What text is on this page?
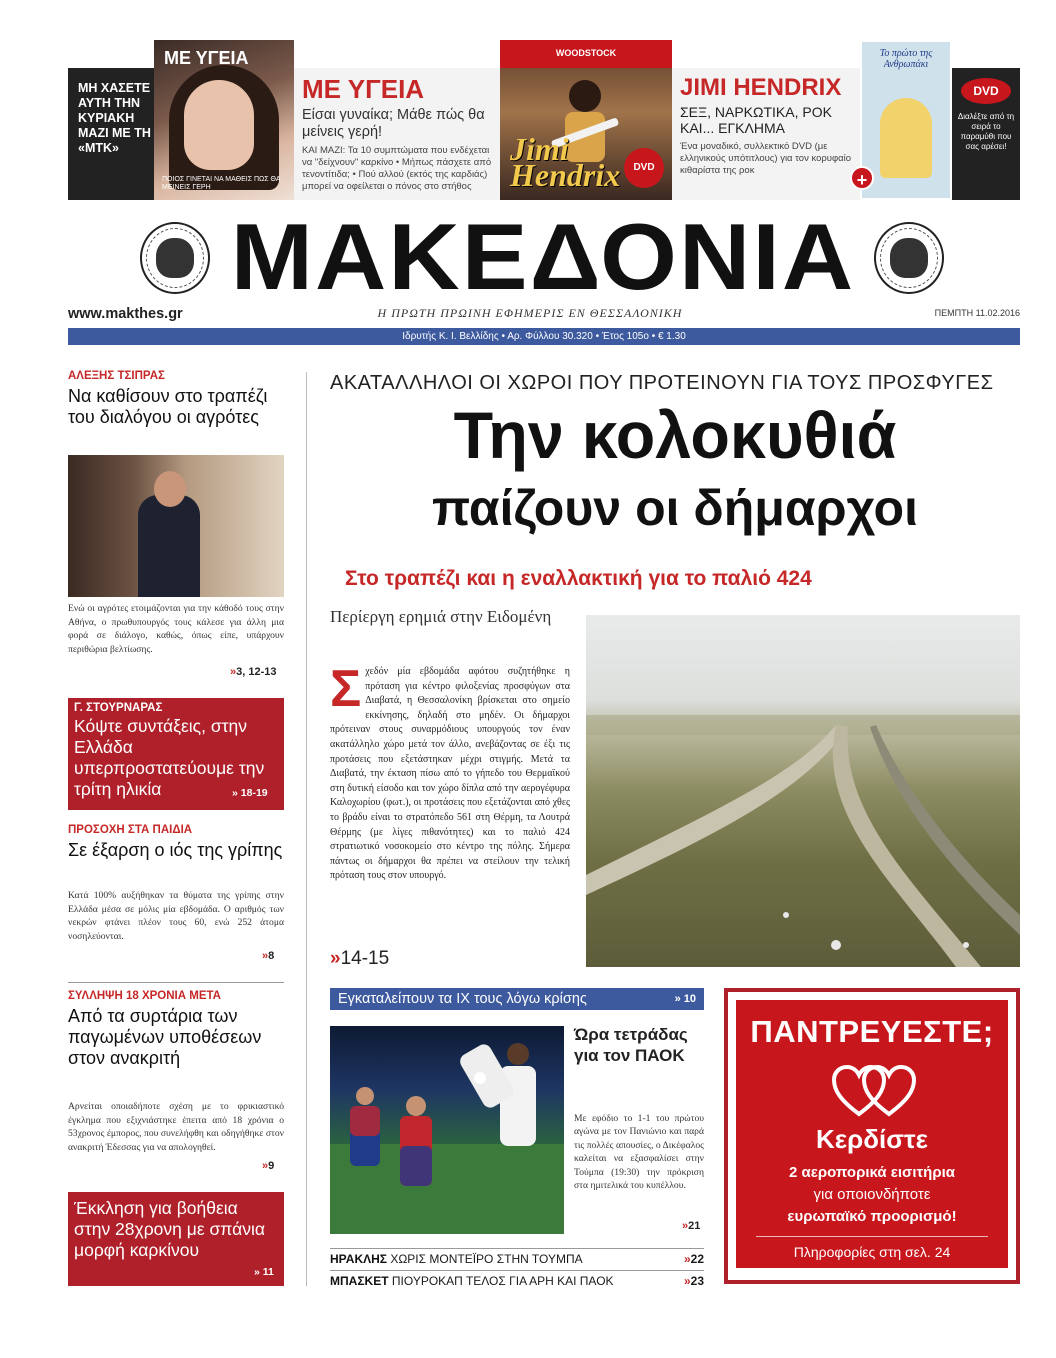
ΜΗ ΧΑΣΕΤΕ ΑΥΤΗ ΤΗΝ ΚΥΡΙΑΚΗ ΜΑΖΙ ΜΕ ΤΗ «ΜΤΚ»
ΜΕ ΥΓΕΙΑ
ΠΟΙΟΣ ΓΙΝΕΤΑΙ ΝΑ ΜΑΘΕΙΣ ΠΩΣ ΘΑ ΜΕΙΝΕΙΣ ΓΕΡΗ
ΜΕ ΥΓΕΙΑ
Είσαι γυναίκα; Μάθε πώς θα μείνεις γερή!
ΚΑΙ ΜΑΖΙ: Τα 10 συμπτώματα που ενδέχεται να "δείχνουν" καρκίνο • Μήπως πάσχετε από τενοντίτιδα; • Πού αλλού (εκτός της καρδιάς) μπορεί να οφείλεται ο πόνος στο στήθος
WOODSTOCK
Jimi Hendrix	DVD
JIMI HENDRIX
ΣΕΞ, ΝΑΡΚΩΤΙΚΑ, ΡΟΚ ΚΑΙ... ΕΓΚΛΗΜΑ
Ένα μοναδικό, συλλεκτικό DVD (με ελληνικούς υπότιτλους) για τον κορυφαίο κιθαρίστα της ροκ
Το πρώτο της Ανθρωπάκι
+
DVD
Διαλέξτε από τη σειρά το παραμύθι που σας αρέσει!
ΜΑΚΕΔΟΝΙΑ
www.makthes.gr	Η ΠΡΩΤΗ ΠΡΩΙΝΗ ΕΦΗΜΕΡΙΣ ΕΝ ΘΕΣΣΑΛΟΝΙΚΗ	ΠΕΜΠΤΗ 11.02.2016
Ιδρυτής Κ. Ι. Βελλίδης • Αρ. Φύλλου 30.320 • Έτος 105ο • € 1.30
ΑΛΕΞΗΣ ΤΣΙΠΡΑΣ
Να καθίσουν στο τραπέζι του διαλόγου οι αγρότες
Ενώ οι αγρότες ετοιμάζονται για την κάθοδό τους στην Αθήνα, ο πρωθυπουργός τους κάλεσε για άλλη μια φορά σε διάλογο, καθώς, όπως είπε, υπάρχουν περιθώρια βελτίωσης.
»3, 12-13
Γ. ΣΤΟΥΡΝΑΡΑΣ
Κόψτε συντάξεις, στην Ελλάδα υπερπροστατεύουμε την τρίτη ηλικία	» 18-19
ΠΡΟΣΟΧΗ ΣΤΑ ΠΑΙΔΙΑ
Σε έξαρση ο ιός της γρίπης
Κατά 100% αυξήθηκαν τα θύματα της γρίπης στην Ελλάδα μέσα σε μόλις μία εβδομάδα. Ο αριθμός των νεκρών φτάνει πλέον τους 60, ενώ 252 άτομα νοσηλεύονται.
»8
ΣΥΛΛΗΨΗ 18 ΧΡΟΝΙΑ ΜΕΤΑ
Από τα συρτάρια των παγωμένων υποθέσεων στον ανακριτή
Αρνείται οποιαδήποτε σχέση με το φρικιαστικό έγκλημα που εξιχνιάστηκε έπειτα από 18 χρόνια ο 53χρονος έμπορος, που συνελήφθη και οδηγήθηκε στον ανακριτή Έδεσσας για να απολογηθεί.
»9
Έκκληση για βοήθεια στην 28χρονη με σπάνια μορφή καρκίνου
» 11
ΑΚΑΤΑΛΛΗΛΟΙ ΟΙ ΧΩΡΟΙ ΠΟΥ ΠΡΟΤΕΙΝΟΥΝ ΓΙΑ ΤΟΥΣ ΠΡΟΣΦΥΓΕΣ
Την κολοκυθιά
παίζουν οι δήμαρχοι
Στο τραπέζι και η εναλλακτική για το παλιό 424
Περίεργη ερημιά στην Ειδομένη
Σ χεδόν μία εβδομάδα αφότου συζητήθηκε η πρόταση για κέντρο φιλοξενίας προσφύγων στα Διαβατά, η Θεσσαλονίκη βρίσκεται στο σημείο εκκίνησης, δηλαδή στο μηδέν. Οι δήμαρχοι πρότειναν στους συναρμόδιους υπουργούς τον έναν ακατάλληλο χώρο μετά τον άλλο, ανεβάζοντας σε έξι τις προτάσεις που εξετάστηκαν μέχρι στιγμής. Μετά τα Διαβατά, την έκταση πίσω από το γήπεδο του Θερμαϊκού στη δυτική είσοδο και τον χώρο δίπλα από την αερογέφυρα Καλοχωρίου (φωτ.), οι προτάσεις που εξετάζονται από χθες το βράδυ είναι το στρατόπεδο 561 στη Θέρμη, τα Λουτρά Θέρμης (με λίγες πιθανότητες) και το παλιό 424 στρατιωτικό νοσοκομείο στο κέντρο της πόλης. Σήμερα πάντως οι δήμαρχοι θα πρέπει να στείλουν την τελική πρόταση τους στον υπουργό.

»14-15
Εγκαταλείπουν τα ΙΧ τους λόγω κρίσης	» 10
Ώρα τετράδας για τον ΠΑΟΚ
Με εφόδιο το 1-1 του πρώτου αγώνα με τον Πανιώνιο και παρά τις πολλές απουσίες, ο Δικέφαλος καλείται να εξασφαλίσει στην Τούμπα (19:30) την πρόκριση στα ημιτελικά του κυπέλλου.
»21
ΗΡΑΚΛΗΣ ΧΩΡΙΣ ΜΟΝΤΕΪΡΟ ΣΤΗΝ ΤΟΥΜΠΑ	»22
ΜΠΑΣΚΕΤ ΠΙΟΥΡΟΚΑΠ ΤΕΛΟΣ ΓΙΑ ΑΡΗ ΚΑΙ ΠΑΟΚ	»23
ΠΑΝΤΡΕΥΕΣΤΕ;
Κερδίστε
2 αεροπορικά εισιτήρια
για οποιονδήποτε
ευρωπαϊκό προορισμό!
Πληροφορίες στη σελ. 24
